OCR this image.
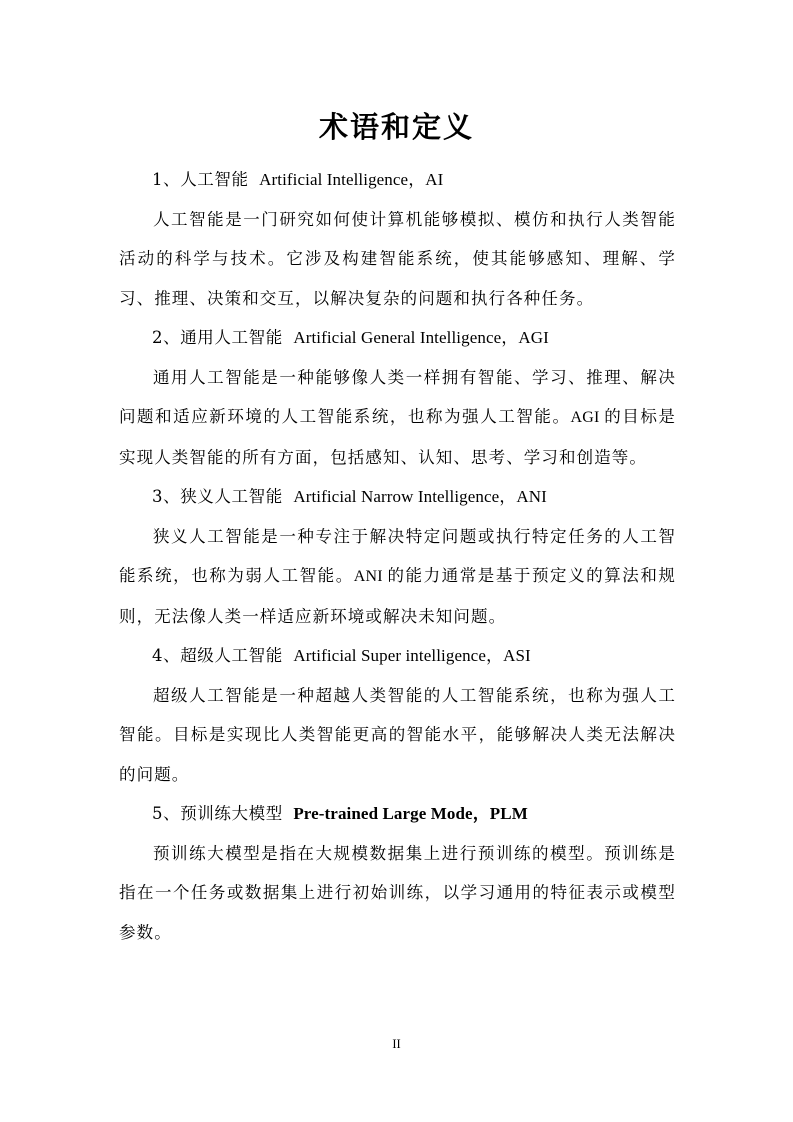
术语和定义
1、人工智能 Artificial Intelligence，AI

人工智能是一门研究如何使计算机能够模拟、模仿和执行人类智能活动的科学与技术。它涉及构建智能系统，使其能够感知、理解、学习、推理、决策和交互，以解决复杂的问题和执行各种任务。

2、通用人工智能 Artificial General Intelligence，AGI

通用人工智能是一种能够像人类一样拥有智能、学习、推理、解决问题和适应新环境的人工智能系统，也称为强人工智能。AGI 的目标是实现人类智能的所有方面，包括感知、认知、思考、学习和创造等。

3、狭义人工智能 Artificial Narrow Intelligence，ANI

狭义人工智能是一种专注于解决特定问题或执行特定任务的人工智能系统，也称为弱人工智能。ANI 的能力通常是基于预定义的算法和规则，无法像人类一样适应新环境或解决未知问题。

4、超级人工智能 Artificial Super intelligence，ASI

超级人工智能是一种超越人类智能的人工智能系统，也称为强人工智能。目标是实现比人类智能更高的智能水平，能够解决人类无法解决的问题。

5、预训练大模型 Pre-trained Large Mode，PLM

预训练大模型是指在大规模数据集上进行预训练的模型。预训练是指在一个任务或数据集上进行初始训练，以学习通用的特征表示或模型参数。

II
